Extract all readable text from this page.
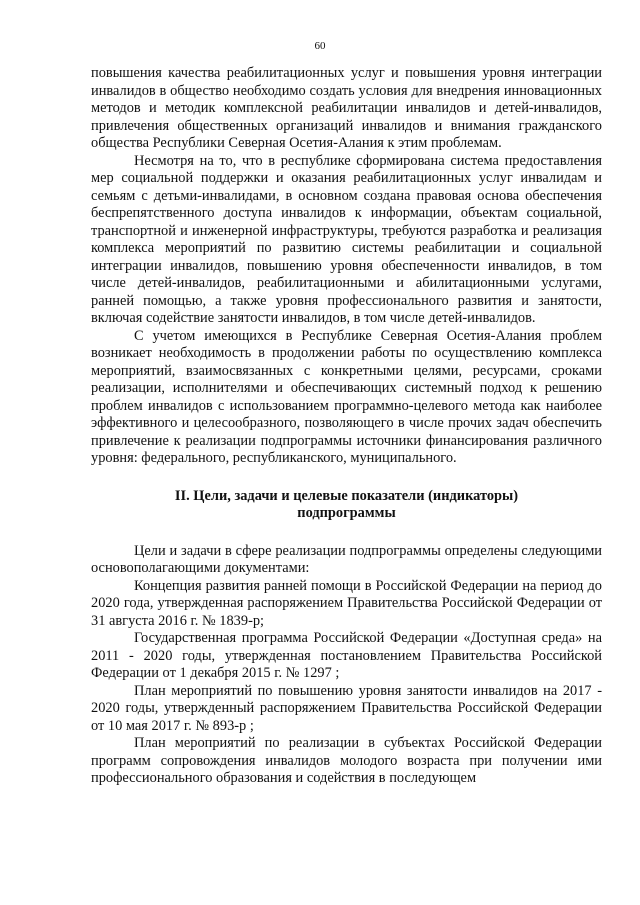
60

повышения качества реабилитационных услуг и повышения уровня интеграции инвалидов в общество необходимо создать условия для внедрения инновационных методов и методик комплексной реабилитации инвалидов и детей-инвалидов, привлечения общественных организаций инвалидов и внимания гражданского общества Республики Северная Осетия-Алания к этим проблемам.

Несмотря на то, что в республике сформирована система предоставления мер социальной поддержки и оказания реабилитационных услуг инвалидам и семьям с детьми-инвалидами, в основном создана правовая основа обеспечения беспрепятственного доступа инвалидов к информации, объектам социальной, транспортной и инженерной инфраструктуры, требуются разработка и реализация комплекса мероприятий по развитию системы реабилитации и социальной интеграции инвалидов, повышению уровня обеспеченности инвалидов, в том числе детей-инвалидов, реабилитационными и абилитационными услугами, ранней помощью, а также уровня профессионального развития и занятости, включая содействие занятости инвалидов, в том числе детей-инвалидов.

С учетом имеющихся в Республике Северная Осетия-Алания проблем возникает необходимость в продолжении работы по осуществлению комплекса мероприятий, взаимосвязанных с конкретными целями, ресурсами, сроками реализации, исполнителями и обеспечивающих системный подход к решению проблем инвалидов с использованием программно-целевого метода как наиболее эффективного и целесообразного, позволяющего в числе прочих задач обеспечить привлечение к реализации подпрограммы источники финансирования различного уровня: федерального, республиканского, муниципального.

II. Цели, задачи и целевые показатели (индикаторы)
подпрограммы

Цели и задачи в сфере реализации подпрограммы определены следующими основополагающими документами:

Концепция развития ранней помощи в Российской Федерации на период до 2020 года, утвержденная распоряжением Правительства Российской Федерации от 31 августа 2016 г. № 1839-р;

Государственная программа Российской Федерации «Доступная среда» на 2011 - 2020 годы, утвержденная постановлением Правительства Российской Федерации от 1 декабря 2015 г. № 1297 ;

План мероприятий по повышению уровня занятости инвалидов на 2017 - 2020 годы, утвержденный распоряжением Правительства Российской Федерации от 10 мая 2017 г. № 893-р ;

План мероприятий по реализации в субъектах Российской Федерации программ сопровождения инвалидов молодого возраста при получении ими профессионального образования и содействия в последующем
